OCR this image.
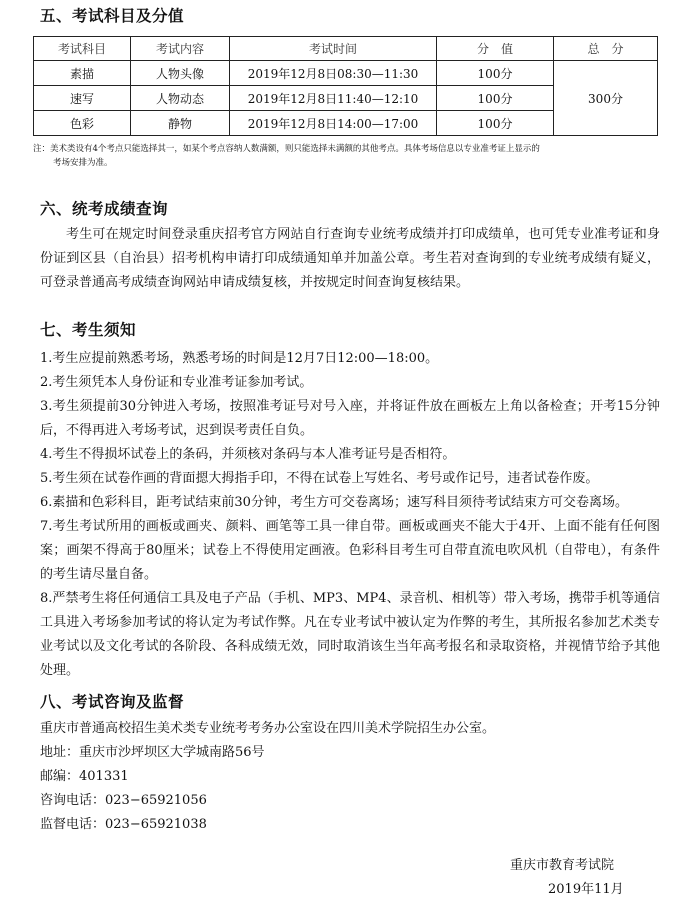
五、考试科目及分值
考试科目	考试内容	考试时间	分　值	总　分
素描	人物头像	2019年12月8日08:30—11:30	100分	300分
速写	人物动态	2019年12月8日11:40—12:10	100分	
色彩	静物	2019年12月8日14:00—17:00	100分	

注：美术类设有4个考点只能选择其一，如某个考点容纳人数满额，则只能选择未满额的其他考点。具体考场信息以专业准考证上显示的
考场安排为准。

六、统考成绩查询

考生可在规定时间登录重庆招考官方网站自行查询专业统考成绩并打印成绩单，也可凭专业准考证和身份证到区县（自治县）招考机构申请打印成绩通知单并加盖公章。考生若对查询到的专业统考成绩有疑义，可登录普通高考成绩查询网站申请成绩复核，并按规定时间查询复核结果。

七、考生须知

1.考生应提前熟悉考场，熟悉考场的时间是12月7日12:00—18:00。

2.考生须凭本人身份证和专业准考证参加考试。

3.考生须提前30分钟进入考场，按照准考证号对号入座，并将证件放在画板左上角以备检查；开考15分钟后，不得再进入考场考试，迟到误考责任自负。

4.考生不得损坏试卷上的条码，并须核对条码与本人准考证号是否相符。

5.考生须在试卷作画的背面摁大拇指手印，不得在试卷上写姓名、考号或作记号，违者试卷作废。

6.素描和色彩科目，距考试结束前30分钟，考生方可交卷离场；速写科目须待考试结束方可交卷离场。

7.考生考试所用的画板或画夹、颜料、画笔等工具一律自带。画板或画夹不能大于4开、上面不能有任何图案；画架不得高于80厘米；试卷上不得使用定画液。色彩科目考生可自带直流电吹风机（自带电），有条件的考生请尽量自备。

8.严禁考生将任何通信工具及电子产品（手机、MP3、MP4、录音机、相机等）带入考场，携带手机等通信工具进入考场参加考试的将认定为考试作弊。凡在专业考试中被认定为作弊的考生，其所报名参加艺术类专业考试以及文化考试的各阶段、各科成绩无效，同时取消该生当年高考报名和录取资格，并视情节给予其他处理。

八、考试咨询及监督

重庆市普通高校招生美术类专业统考考务办公室设在四川美术学院招生办公室。

地址：重庆市沙坪坝区大学城南路56号

邮编：401331

咨询电话：023−65921056

监督电话：023−65921038

重庆市教育考试院

2019年11月
